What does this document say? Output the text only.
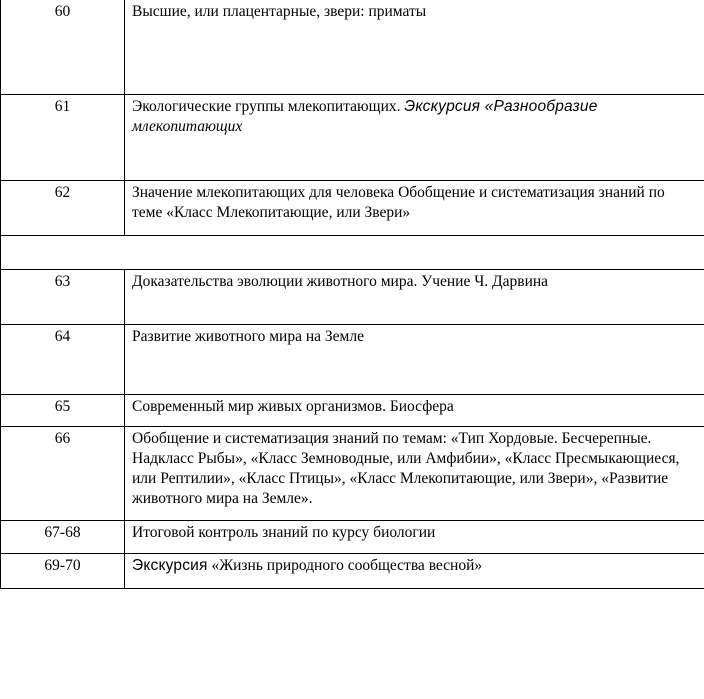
60	Высшие, или плацентарные, звери: приматы

61	Экологические группы млекопитающих. Экскурсия «Разнообразие
млекопитающих

62	Значение млекопитающих для человека Обобщение и систематизация знаний по
теме «Класс Млекопитающие, или Звери»

63	Доказательства эволюции животного мира. Учение Ч. Дарвина

64	Развитие животного мира на Земле

65	Современный мир живых организмов. Биосфера

66	Обобщение и систематизация знаний по темам: «Тип Хордовые. Бесчерепные.
Надкласс Рыбы», «Класс Земноводные, или Амфибии», «Класс Пресмыкающиеся,
или Рептилии», «Класс Птицы», «Класс Млекопитающие, или Звери», «Развитие
животного мира на Земле».

67-68	Итоговой контроль знаний по курсу биологии

69-70	Экскурсия «Жизнь природного сообщества весной»
